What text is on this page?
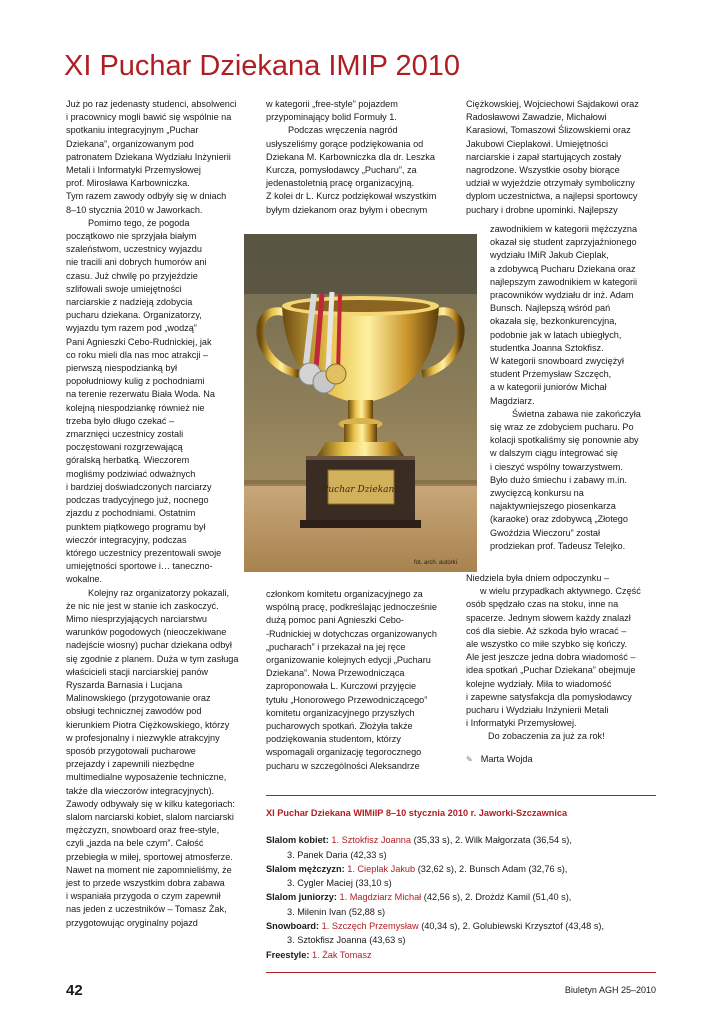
XI Puchar Dziekana IMIP 2010

Już po raz jedenasty studenci, absolwenci

i pracownicy mogli bawić się wspólnie na

spotkaniu integracyjnym „Puchar

Dziekana”, organizowanym pod

patronatem Dziekana Wydziału Inżynierii

Metali i Informatyki Przemysłowej

prof. Mirosława Karbowniczka.

Tym razem zawody odbyły się w dniach

8–10 stycznia 2010 w Jaworkach.

Pomimo tego, że pogoda

początkowo nie sprzyjała białym

szaleństwom, uczestnicy wyjazdu

nie tracili ani dobrych humorów ani

czasu. Już chwilę po przyjeździe

szlifowali swoje umiejętności

narciarskie z nadzieją zdobycia

pucharu dziekana. Organizatorzy,

wyjazdu tym razem pod „wodzą”

Pani Agnieszki Cebo-Rudnickiej, jak

co roku mieli dla nas moc atrakcji –

pierwszą niespodzianką był

popołudniowy kulig z pochodniami

na terenie rezerwatu Biała Woda. Na

kolejną niespodziankę również nie

trzeba było długo czekać –

zmarznięci uczestnicy zostali

poczęstowani rozgrzewającą

góralską herbatką. Wieczorem

mogliśmy podziwiać odważnych

i bardziej doświadczonych narciarzy

podczas tradycyjnego już, nocnego

zjazdu z pochodniami. Ostatnim

punktem piątkowego programu był

wieczór integracyjny, podczas

którego uczestnicy prezentowali swoje

umiejętności sportowe i… taneczno-

wokalne.

Kolejny raz organizatorzy pokazali,

że nic nie jest w stanie ich zaskoczyć.

Mimo niesprzyjających narciarstwu

warunków pogodowych (nieoczekiwane

nadejście wiosny) puchar dziekana odbył

się zgodnie z planem. Duża w tym zasługa

właścicieli stacji narciarskiej panów

Ryszarda Barnasia i Lucjana

Malinowskiego (przygotowanie oraz

obsługi technicznej zawodów pod

kierunkiem Piotra Ciężkowskiego, którzy

w profesjonalny i niezwykle atrakcyjny

sposób przygotowali pucharowe

przejazdy i zapewnili niezbędne

multimedialne wyposażenie techniczne,

także dla wieczorów integracyjnych).

Zawody odbywały się w kilku kategoriach:

slalom narciarski kobiet, slalom narciarski

mężczyzn, snowboard oraz free-style,

czyli „jazda na bele czym”. Całość

przebiegła w miłej, sportowej atmosferze.

Nawet na moment nie zapomnieliśmy, że

jest to przede wszystkim dobra zabawa

i wspaniała przygoda o czym zapewnił

nas jeden z uczestników – Tomasz Żak,

przygotowując oryginalny pojazd

w kategorii „free-style” pojazdem

przypominający bolid Formuły 1.

Podczas wręczenia nagród

usłyszeliśmy gorące podziękowania od

Dziekana M. Karbowniczka dla dr. Leszka

Kurcza, pomysłodawcy „Pucharu”, za

jedenastoletnią pracę organizacyjną.

Z kolei dr L. Kurcz podziękował wszystkim

byłym dziekanom oraz byłym i obecnym

Ciężkowskiej, Wojciechowi Sajdakowi oraz

Radosławowi Zawadzie, Michałowi

Karasiowi, Tomaszowi Ślizowskiemi oraz

Jakubowi Cieplakowi. Umiejętności

narciarskie i zapał startujących zostały

nagrodzone. Wszystkie osoby biorące

udział w wyjeździe otrzymały symboliczny

dyplom uczestnictwa, a najlepsi sportowcy

puchary i drobne upominki. Najlepszy

zawodnikiem w kategorii mężczyzna

okazał się student zaprzyjaźnionego

wydziału IMiR Jakub Cieplak,

a zdobywcą Pucharu Dziekana oraz

najlepszym zawodnikiem w kategorii

pracowników wydziału dr inż. Adam

Bunsch. Najlepszą wśród pań

okazała się, bezkonkurencyjna,

podobnie jak w latach ubiegłych,

studentka Joanna Sztokfisz.

W kategorii snowboard zwyciężył

student Przemysław Szczęch,

a w kategorii juniorów Michał

Magdziarz.

Świetna zabawa nie zakończyła

się wraz ze zdobyciem pucharu. Po

kolacji spotkaliśmy się ponownie aby

w dalszym ciągu integrować się

i cieszyć wspólny towarzystwem.

Było dużo śmiechu i zabawy m.in.

zwycięzcą konkursu na

najaktywniejszego piosenkarza

(karaoke) oraz zdobywcą „Złotego

Gwoździa Wieczoru” został

prodziekan prof. Tadeusz Telejko.

członkom komitetu organizacyjnego za

wspólną pracę, podkreślając jednocześnie

dużą pomoc pani Agnieszki Cebo-

-Rudnickiej w dotychczas organizowanych

„pucharach” i przekazał na jej ręce

organizowanie kolejnych edycji „Pucharu

Dziekana”. Nowa Przewodnicząca

zaproponowała L. Kurczowi przyjęcie

tytułu „Honorowego Przewodniczącego”

komitetu organizacyjnego przyszłych

pucharowych spotkań. Złożyła także

podziękowania studentom, którzy

wspomagali organizację tegorocznego

pucharu w szczególności Aleksandrze

Niedziela była dniem odpoczynku –

w wielu przypadkach aktywnego. Część

osób spędzało czas na stoku, inne na

spacerze. Jednym słowem każdy znalazł

coś dla siebie. Aż szkoda było wracać –

ale wszystko co miłe szybko się kończy.

Ale jest jeszcze jedna dobra wiadomość –

idea spotkań „Puchar Dziekana” obejmuje

kolejne wydziały. Miła to wiadomość

i zapewne satysfakcja dla pomysłodawcy

pucharu i Wydziału Inżynierii Metali

i Informatyki Przemysłowej.

Do zobaczenia za już za rok!

Puchar Dziekana
fot. arch. autorki
✎ Marta Wojda
XI Puchar Dziekana WIMiIP 8–10 stycznia 2010 r. Jaworki-Szczawnica
Slalom kobiet: 1. Sztokfisz Joanna (35,33 s), 2. Wilk Małgorzata (36,54 s),
3. Panek Daria (42,33 s)
Slalom mężczyzn: 1. Cieplak Jakub (32,62 s), 2. Bunsch Adam (32,76 s),
3. Cygler Maciej (33,10 s)
Slalom juniorzy: 1. Magdziarz Michał (42,56 s), 2. Drożdż Kamil (51,40 s),
3. Milenin Ivan (52,88 s)
Snowboard: 1. Szczęch Przemysław (40,34 s), 2. Golubiewski Krzysztof (43,48 s),
3. Sztokfisz Joanna (43,63 s)
Freestyle: 1. Żak Tomasz
42	Biuletyn AGH 25–2010
